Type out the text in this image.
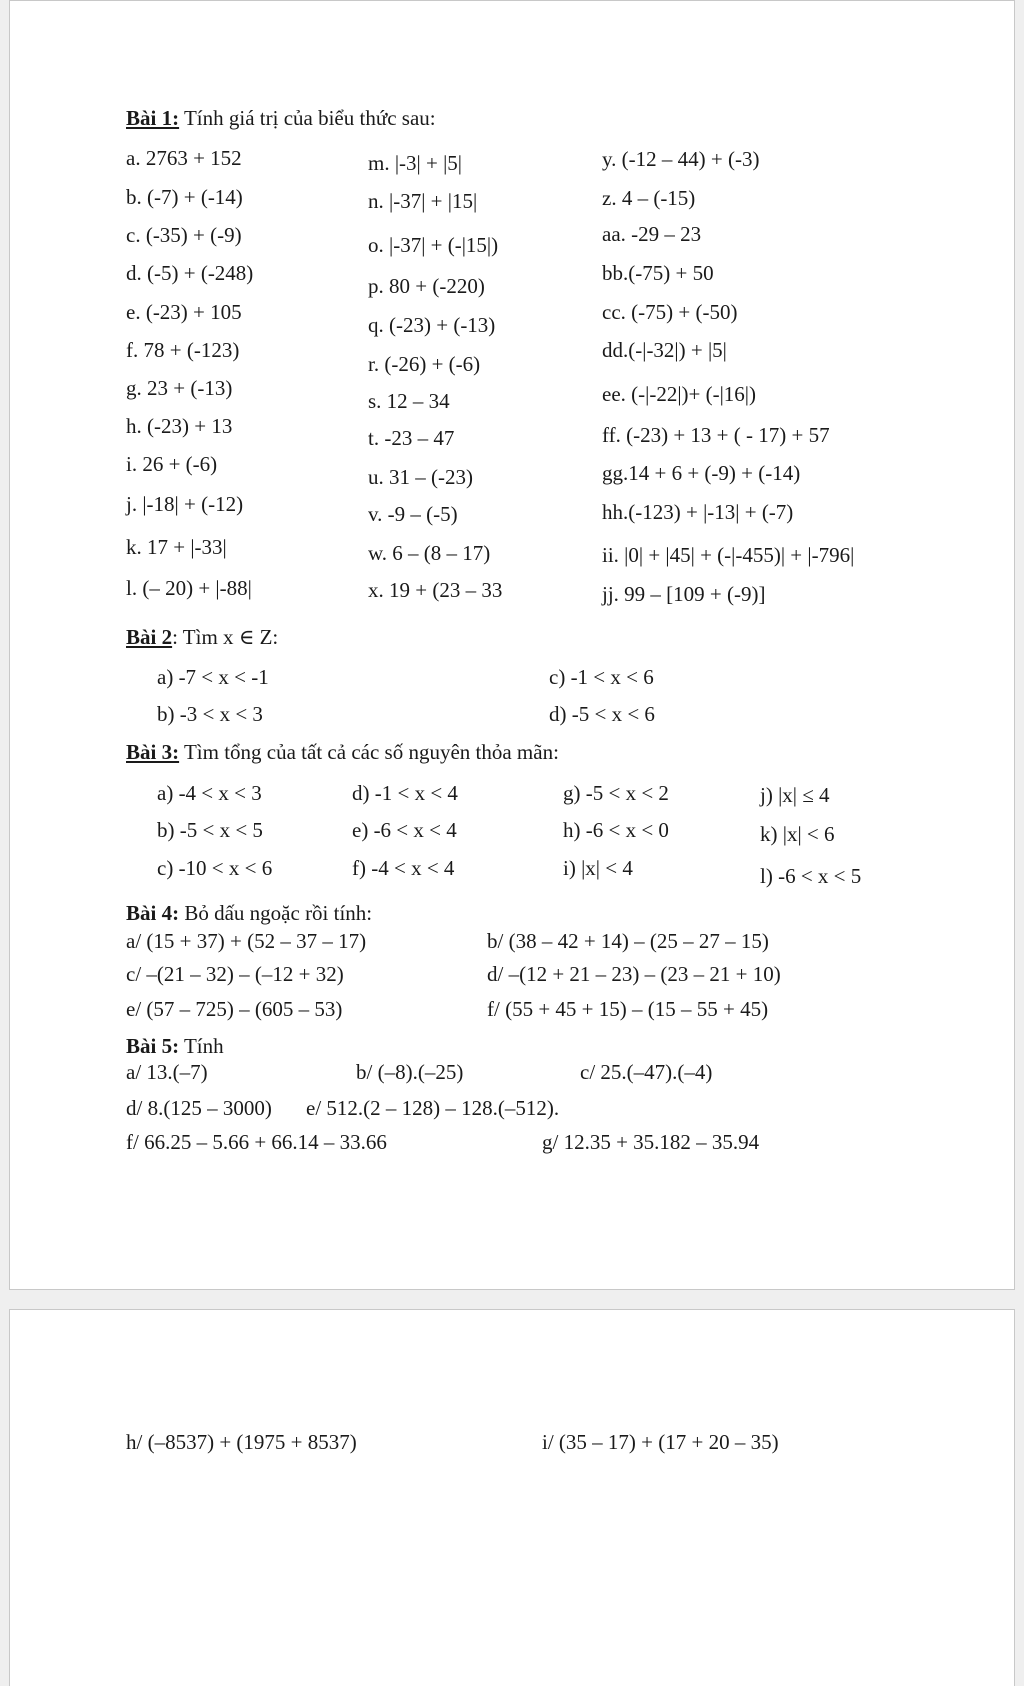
Bài 1: Tính giá trị của biểu thức sau:
a. 2763 + 152
b. (-7) + (-14)
c. (-35) + (-9)
d. (-5) + (-248)
e. (-23) + 105
f. 78 + (-123)
g. 23 + (-13)
h. (-23) + 13
i. 26 + (-6)
j. |-18| + (-12)
k. 17 + |-33|
l. (– 20) + |-88|
m. |-3| + |5|
n. |-37| + |15|
o. |-37| + (-|15|)
p. 80 + (-220)
q. (-23) + (-13)
r. (-26) + (-6)
s. 12 – 34
t. -23 – 47
u. 31 – (-23)
v. -9 – (-5)
w. 6 – (8 – 17)
x. 19 + (23 – 33
y. (-12 – 44) + (-3)
z. 4 – (-15)
aa. -29 – 23
bb.(-75) + 50
cc. (-75) + (-50)
dd.(-|-32|) + |5|
ee. (-|-22|)+ (-|16|)
ff. (-23) + 13 + ( - 17) + 57
gg.14 + 6 + (-9) + (-14)
hh.(-123) + |-13| + (-7)
ii. |0| + |45| + (-|-455)| + |-796|
jj. 99 – [109 + (-9)]
Bài 2: Tìm x ∈ Z:
a) -7 < x < -1	c) -1 < x < 6
b) -3 < x < 3	d) -5 < x < 6
Bài 3: Tìm tổng của tất cả các số nguyên thỏa mãn:
a) -4 < x < 3	d) -1 < x < 4	g) -5 < x < 2	j) |x| ≤ 4
b) -5 < x < 5	e) -6 < x < 4	h) -6 < x < 0	k) |x| < 6
c) -10 < x < 6	f) -4 < x < 4	i) |x| < 4	l) -6 < x < 5
Bài 4: Bỏ dấu ngoặc rồi tính:
a/ (15 + 37) + (52 – 37 – 17)	b/ (38 – 42 + 14) – (25 – 27 – 15)
c/ –(21 – 32) – (–12 + 32)	d/ –(12 + 21 – 23) – (23 – 21 + 10)
e/ (57 – 725) – (605 – 53)	f/ (55 + 45 + 15) – (15 – 55 + 45)
Bài 5: Tính
a/ 13.(–7)	b/ (–8).(–25)	c/ 25.(–47).(–4)
d/ 8.(125 – 3000) e/ 512.(2 – 128) – 128.(–512).
f/ 66.25 – 5.66 + 66.14 – 33.66	g/ 12.35 + 35.182 – 35.94
h/ (–8537) + (1975 + 8537)	i/ (35 – 17) + (17 + 20 – 35)
